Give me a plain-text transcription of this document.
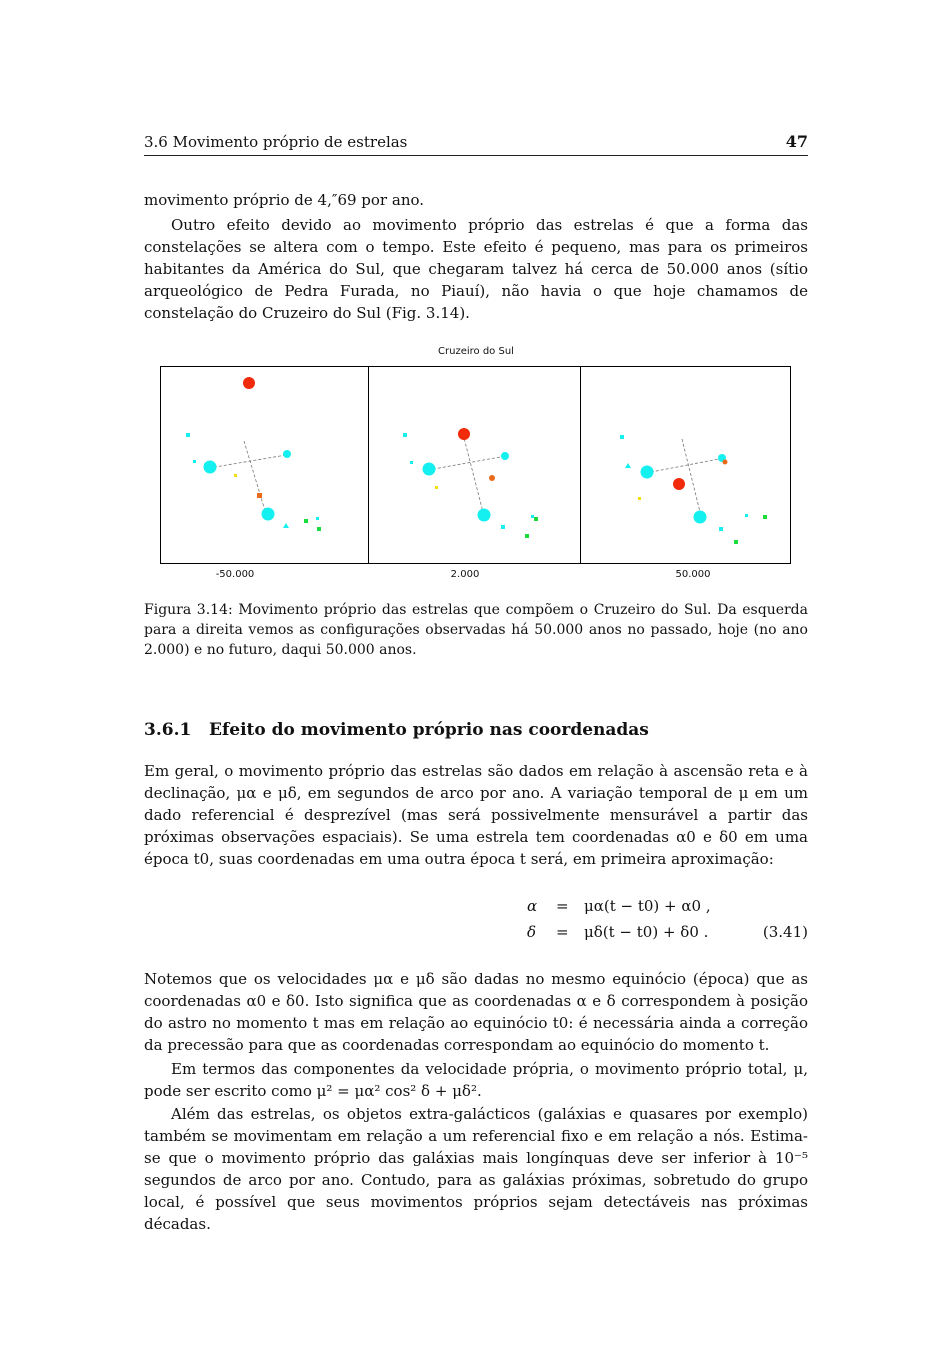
3.6 Movimento próprio de estrelas	47

movimento próprio de 4,″69 por ano.

Outro efeito devido ao movimento próprio das estrelas é que a forma das constelações se altera com o tempo. Este efeito é pequeno, mas para os primeiros habitantes da América do Sul, que chegaram talvez há cerca de 50.000 anos (sítio arqueológico de Pedra Furada, no Piauí), não havia o que hoje chamamos de constelação do Cruzeiro do Sul (Fig. 3.14).

Cruzeiro do Sul
-50.000	2.000	50.000

Figura 3.14: Movimento próprio das estrelas que compõem o Cruzeiro do Sul. Da esquerda para a direita vemos as configurações observadas há 50.000 anos no passado, hoje (no ano 2.000) e no futuro, daqui 50.000 anos.

3.6.1 Efeito do movimento próprio nas coordenadas

Em geral, o movimento próprio das estrelas são dados em relação à ascensão reta e à declinação, μα e μδ, em segundos de arco por ano. A variação temporal de μ em um dado referencial é desprezível (mas será possivelmente mensurável a partir das próximas observações espaciais). Se uma estrela tem coordenadas α0 e δ0 em uma época t0, suas coordenadas em uma outra época t será, em primeira aproximação:

α = μα(t − t0) + α0 ,
δ = μδ(t − t0) + δ0 .	(3.41)

Notemos que os velocidades μα e μδ são dadas no mesmo equinócio (época) que as coordenadas α0 e δ0. Isto significa que as coordenadas α e δ correspondem à posição do astro no momento t mas em relação ao equinócio t0: é necessária ainda a correção da precessão para que as coordenadas correspondam ao equinócio do momento t.

Em termos das componentes da velocidade própria, o movimento próprio total, μ, pode ser escrito como μ² = μα² cos² δ + μδ².

Além das estrelas, os objetos extra-galácticos (galáxias e quasares por exemplo) também se movimentam em relação a um referencial fixo e em relação a nós. Estima-se que o movimento próprio das galáxias mais longínquas deve ser inferior à 10⁻⁵ segundos de arco por ano. Contudo, para as galáxias próximas, sobretudo do grupo local, é possível que seus movimentos próprios sejam detectáveis nas próximas décadas.
